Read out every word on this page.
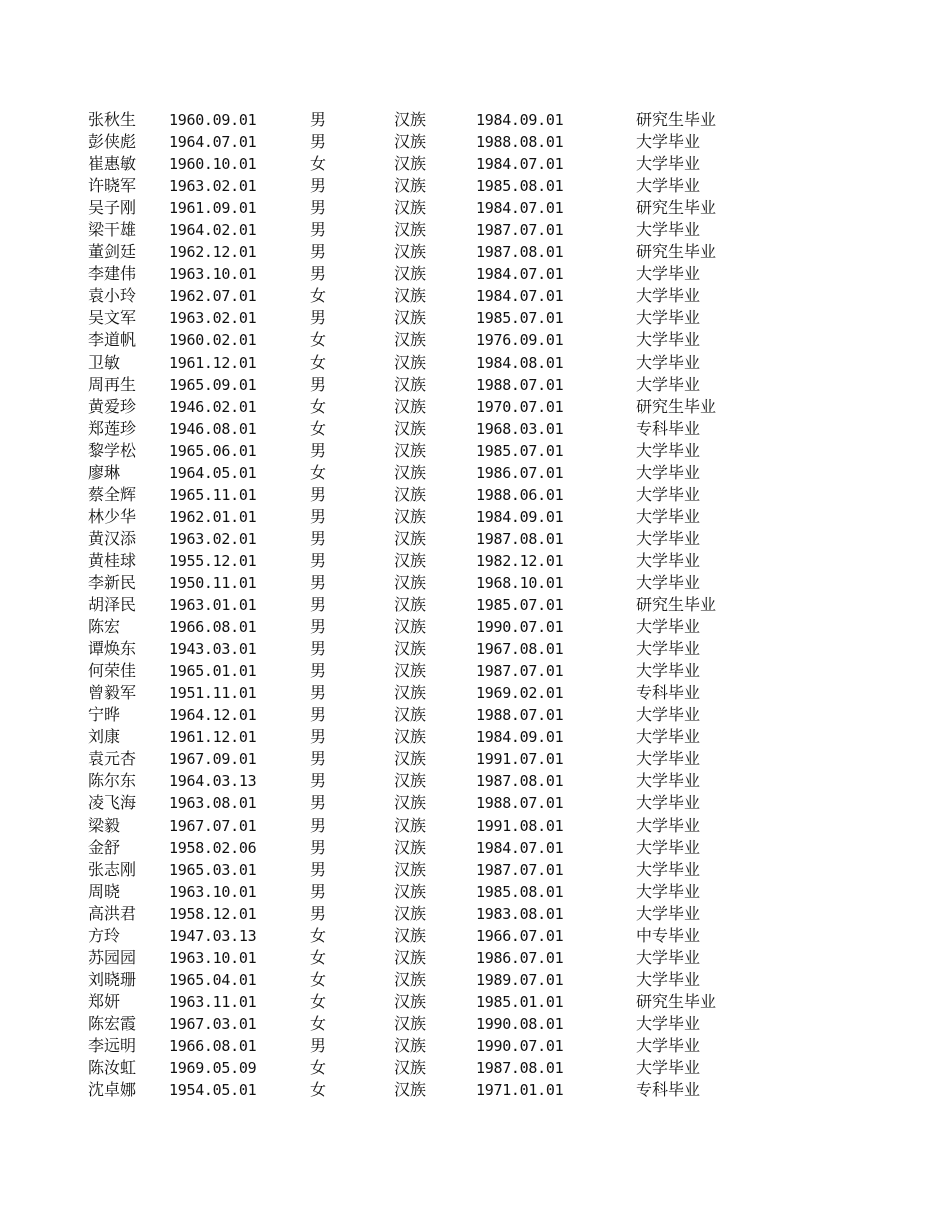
张秋生	1960.09.01	男	汉族	1984.09.01	研究生毕业
彭侠彪	1964.07.01	男	汉族	1988.08.01	大学毕业
崔惠敏	1960.10.01	女	汉族	1984.07.01	大学毕业
许晓军	1963.02.01	男	汉族	1985.08.01	大学毕业
吴子刚	1961.09.01	男	汉族	1984.07.01	研究生毕业
梁干雄	1964.02.01	男	汉族	1987.07.01	大学毕业
董剑廷	1962.12.01	男	汉族	1987.08.01	研究生毕业
李建伟	1963.10.01	男	汉族	1984.07.01	大学毕业
袁小玲	1962.07.01	女	汉族	1984.07.01	大学毕业
吴文军	1963.02.01	男	汉族	1985.07.01	大学毕业
李道帆	1960.02.01	女	汉族	1976.09.01	大学毕业
卫敏	1961.12.01	女	汉族	1984.08.01	大学毕业
周再生	1965.09.01	男	汉族	1988.07.01	大学毕业
黄爱珍	1946.02.01	女	汉族	1970.07.01	研究生毕业
郑莲珍	1946.08.01	女	汉族	1968.03.01	专科毕业
黎学松	1965.06.01	男	汉族	1985.07.01	大学毕业
廖琳	1964.05.01	女	汉族	1986.07.01	大学毕业
蔡全辉	1965.11.01	男	汉族	1988.06.01	大学毕业
林少华	1962.01.01	男	汉族	1984.09.01	大学毕业
黄汉添	1963.02.01	男	汉族	1987.08.01	大学毕业
黄桂球	1955.12.01	男	汉族	1982.12.01	大学毕业
李新民	1950.11.01	男	汉族	1968.10.01	大学毕业
胡泽民	1963.01.01	男	汉族	1985.07.01	研究生毕业
陈宏	1966.08.01	男	汉族	1990.07.01	大学毕业
谭焕东	1943.03.01	男	汉族	1967.08.01	大学毕业
何荣佳	1965.01.01	男	汉族	1987.07.01	大学毕业
曾毅军	1951.11.01	男	汉族	1969.02.01	专科毕业
宁晔	1964.12.01	男	汉族	1988.07.01	大学毕业
刘康	1961.12.01	男	汉族	1984.09.01	大学毕业
袁元杏	1967.09.01	男	汉族	1991.07.01	大学毕业
陈尔东	1964.03.13	男	汉族	1987.08.01	大学毕业
凌飞海	1963.08.01	男	汉族	1988.07.01	大学毕业
梁毅	1967.07.01	男	汉族	1991.08.01	大学毕业
金舒	1958.02.06	男	汉族	1984.07.01	大学毕业
张志刚	1965.03.01	男	汉族	1987.07.01	大学毕业
周晓	1963.10.01	男	汉族	1985.08.01	大学毕业
高洪君	1958.12.01	男	汉族	1983.08.01	大学毕业
方玲	1947.03.13	女	汉族	1966.07.01	中专毕业
苏园园	1963.10.01	女	汉族	1986.07.01	大学毕业
刘晓珊	1965.04.01	女	汉族	1989.07.01	大学毕业
郑妍	1963.11.01	女	汉族	1985.01.01	研究生毕业
陈宏霞	1967.03.01	女	汉族	1990.08.01	大学毕业
李远明	1966.08.01	男	汉族	1990.07.01	大学毕业
陈汝虹	1969.05.09	女	汉族	1987.08.01	大学毕业
沈卓娜	1954.05.01	女	汉族	1971.01.01	专科毕业
